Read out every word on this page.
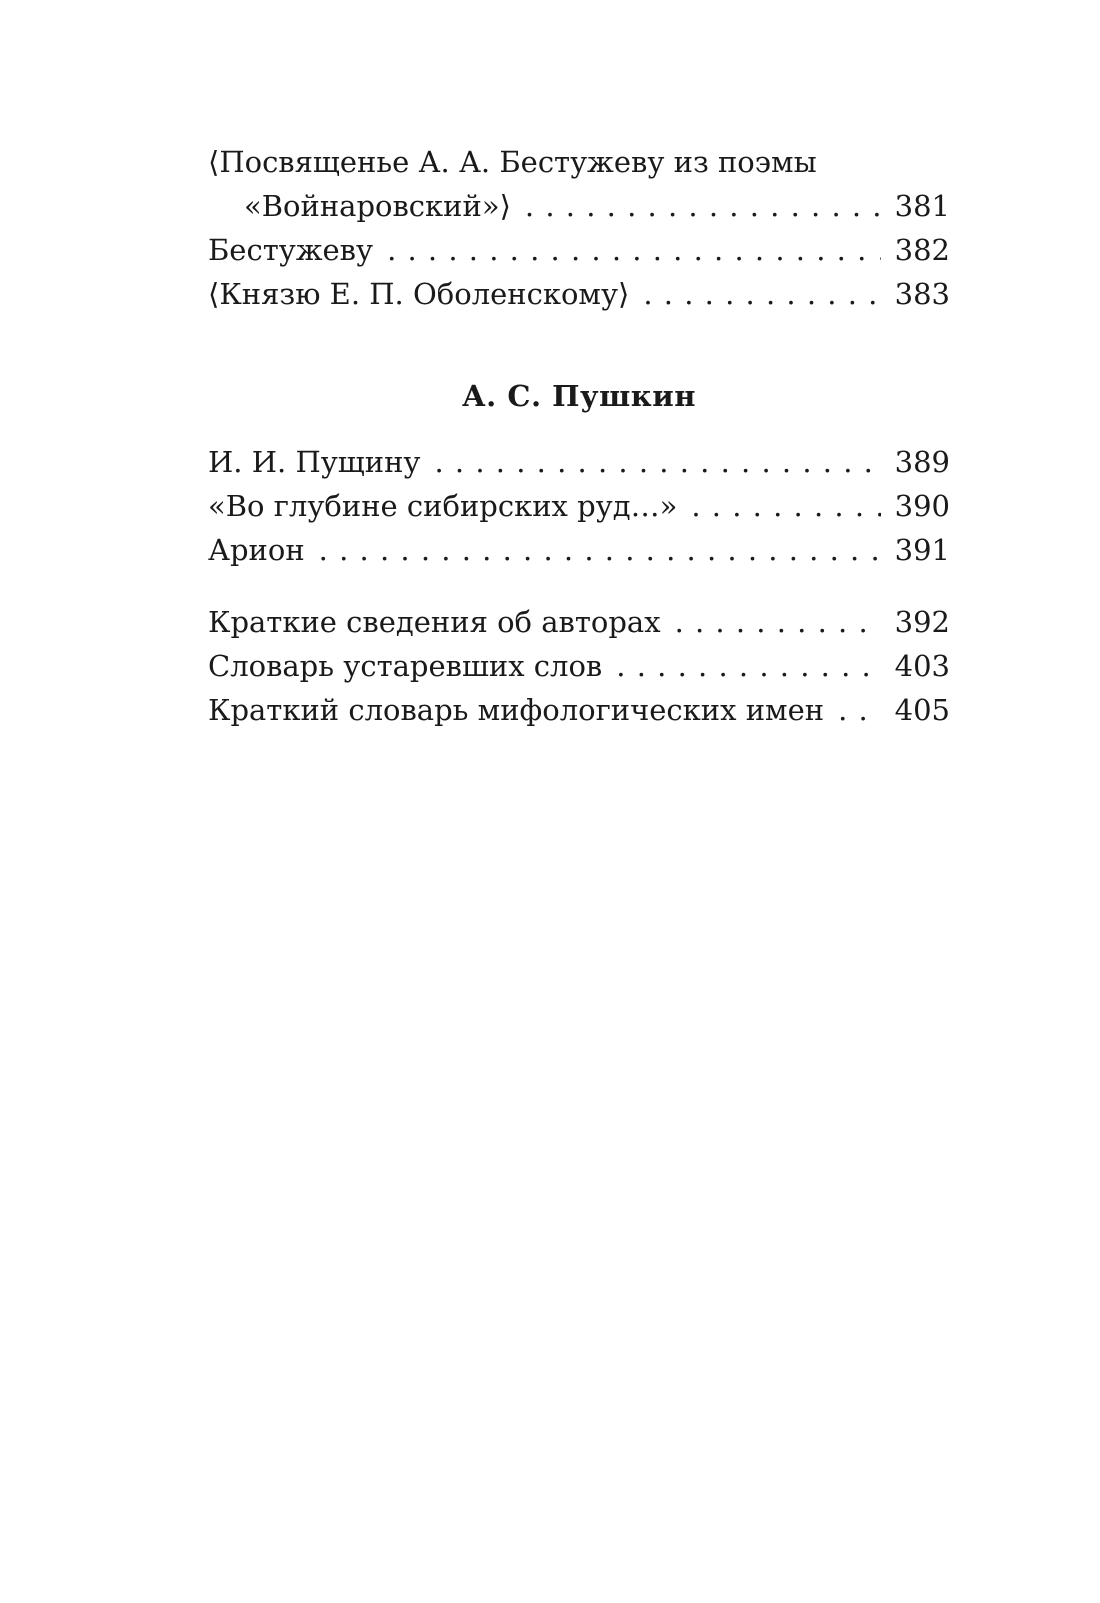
⟨Посвященье А. А. Бестужеву из поэмы
«Войнаровский»⟩ . . .	381
Бестужеву . . .	382
⟨Князю Е. П. Оболенскому⟩ . . .	383
А. С. Пушкин
И. И. Пущину . . .	389
«Во глубине сибирских руд…» . . .	390
Арион . . .	391
Краткие сведения об авторах . . .	392
Словарь устаревших слов . . .	403
Краткий словарь мифологических имен . . .	405
